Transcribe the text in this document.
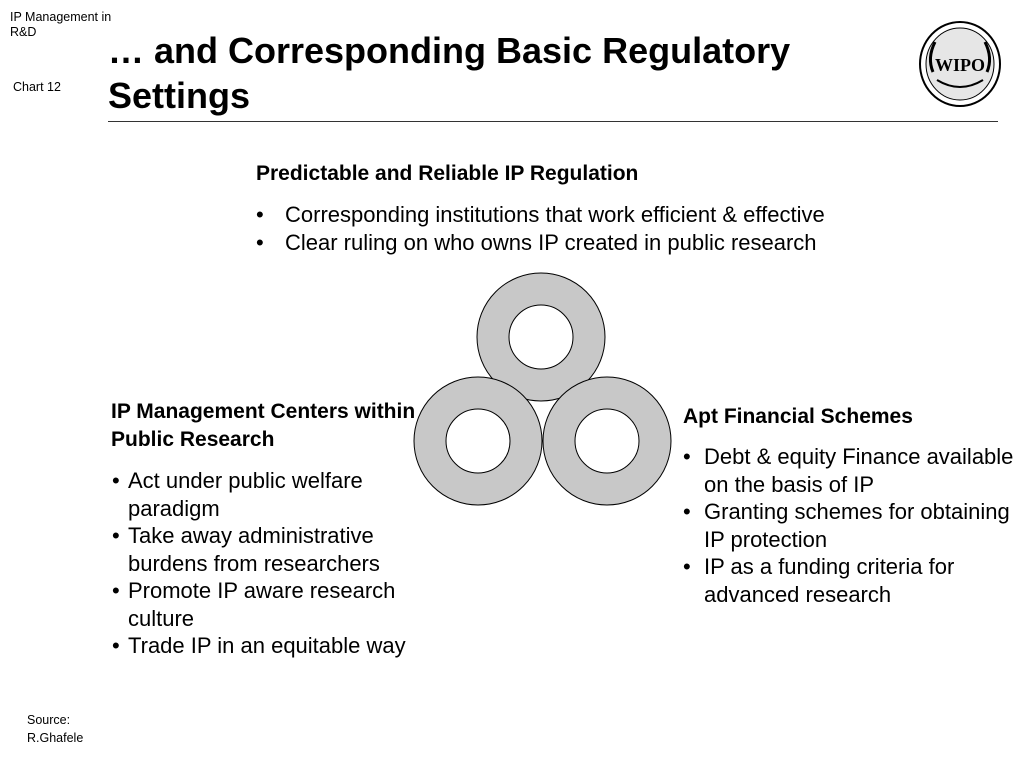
IP Management in R&D
Chart 12
… and Corresponding Basic Regulatory Settings
WIPO
Predictable and Reliable IP Regulation
• Corresponding institutions that work efficient & effective
• Clear ruling on who owns IP created in public research
IP Management Centers within Public Research
• Act under public welfare paradigm
• Take away administrative burdens from researchers
• Promote IP aware research culture
• Trade IP in an equitable way
Apt Financial Schemes
• Debt & equity Finance available on the basis of IP
• Granting schemes for obtaining IP protection
• IP as a funding criteria for advanced research
Source:
R.Ghafele
